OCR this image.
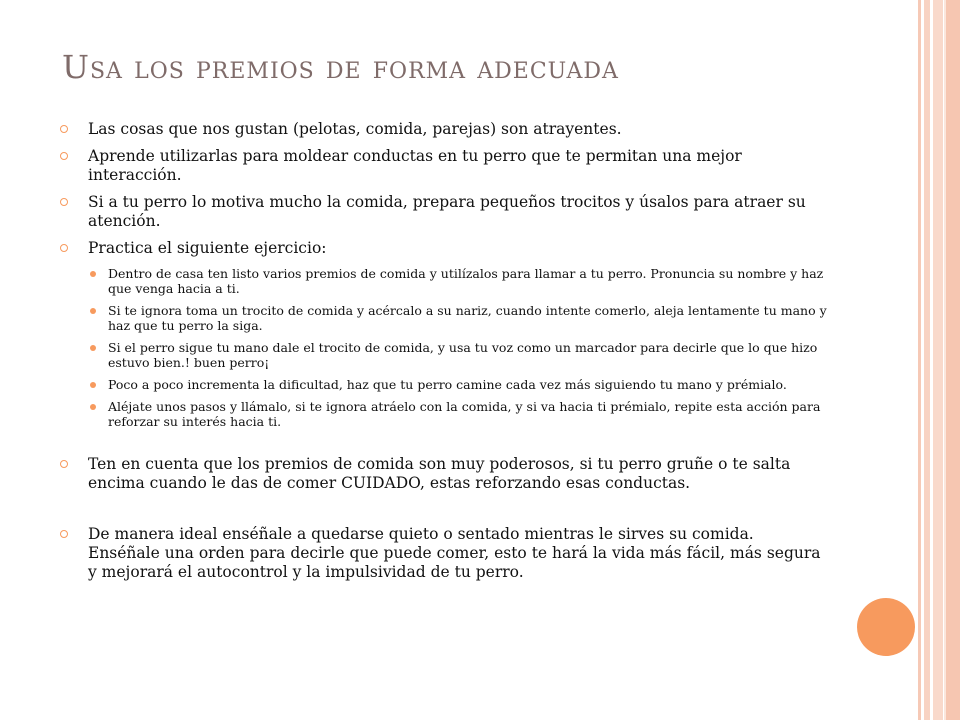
Usa los premios de forma adecuada
Las cosas que nos gustan (pelotas, comida, parejas) son atrayentes.
Aprende utilizarlas para moldear conductas en tu perro que te permitan una mejor interacción.
Si a tu perro lo motiva mucho la comida, prepara pequeños trocitos y úsalos para atraer su atención.
Practica el siguiente ejercicio:
Dentro de casa ten listo varios premios de comida y utilízalos para llamar a tu perro. Pronuncia su nombre y haz que venga hacia a ti.
Si te ignora toma un trocito de comida y acércalo a su nariz, cuando intente comerlo, aleja lentamente tu mano y haz que tu perro la siga.
Si el perro sigue tu mano dale el trocito de comida, y usa tu voz como un marcador para decirle que lo que hizo estuvo bien.! buen perro¡
Poco a poco incrementa la dificultad, haz que tu perro camine cada vez más siguiendo tu mano y prémialo.
Aléjate unos pasos y llámalo, si te ignora atráelo con la comida, y si va hacia ti prémialo, repite esta acción para reforzar su interés hacia ti.
Ten en cuenta que los premios de comida son muy poderosos, si tu perro gruñe o te salta encima cuando le das de comer CUIDADO, estas reforzando esas conductas.
De manera ideal enséñale a quedarse quieto o sentado mientras le sirves su comida. Enséñale una orden para decirle que puede comer, esto te hará la vida más fácil, más segura y mejorará el autocontrol y la impulsividad de tu perro.
